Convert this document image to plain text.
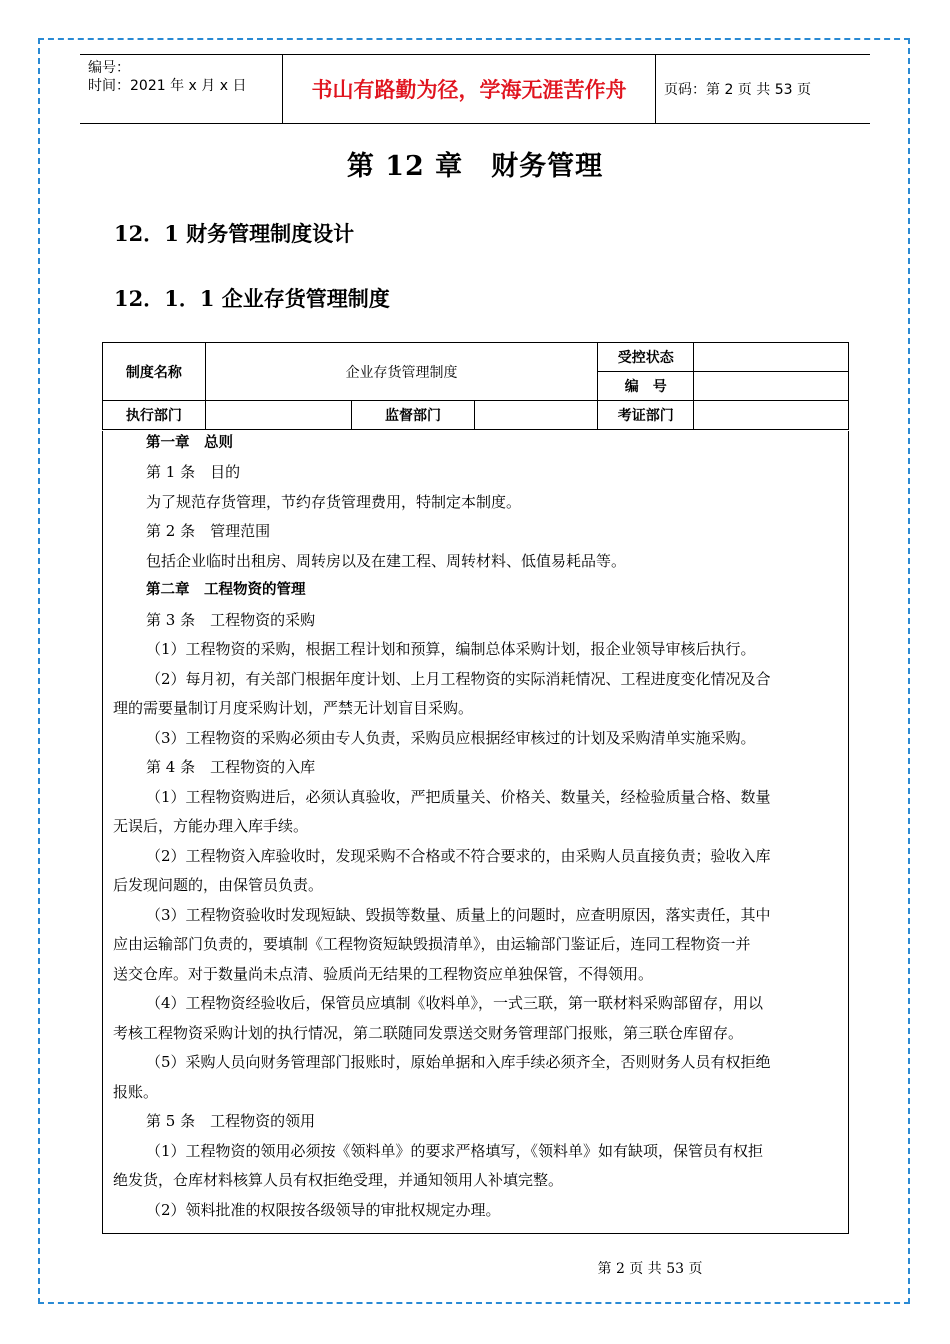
编号：
时间：2021 年 x 月 x 日	书山有路勤为径，学海无涯苦作舟	页码：第 2 页 共 53 页
第 12 章　财务管理
12．1 财务管理制度设计
12．1．1 企业存货管理制度
制度名称	企业存货管理制度			受控状态	
				编　号	
执行部门		监督部门		考证部门	
第一章　总则
第 1 条　目的
为了规范存货管理，节约存货管理费用，特制定本制度。
第 2 条　管理范围
包括企业临时出租房、周转房以及在建工程、周转材料、低值易耗品等。
第二章　工程物资的管理
第 3 条　工程物资的采购
（1）工程物资的采购，根据工程计划和预算，编制总体采购计划，报企业领导审核后执行。
（2）每月初，有关部门根据年度计划、上月工程物资的实际消耗情况、工程进度变化情况及合
理的需要量制订月度采购计划，严禁无计划盲目采购。
（3）工程物资的采购必须由专人负责，采购员应根据经审核过的计划及采购清单实施采购。
第 4 条　工程物资的入库
（1）工程物资购进后，必须认真验收，严把质量关、价格关、数量关，经检验质量合格、数量
无误后，方能办理入库手续。
（2）工程物资入库验收时，发现采购不合格或不符合要求的，由采购人员直接负责；验收入库
后发现问题的，由保管员负责。
（3）工程物资验收时发现短缺、毁损等数量、质量上的问题时，应查明原因，落实责任，其中
应由运输部门负责的，要填制《工程物资短缺毁损清单》，由运输部门鉴证后，连同工程物资一并
送交仓库。对于数量尚未点清、验质尚无结果的工程物资应单独保管，不得领用。
（4）工程物资经验收后，保管员应填制《收料单》，一式三联，第一联材料采购部留存，用以
考核工程物资采购计划的执行情况，第二联随同发票送交财务管理部门报账，第三联仓库留存。
（5）采购人员向财务管理部门报账时，原始单据和入库手续必须齐全，否则财务人员有权拒绝
报账。
第 5 条　工程物资的领用
（1）工程物资的领用必须按《领料单》的要求严格填写，《领料单》如有缺项，保管员有权拒
绝发货，仓库材料核算人员有权拒绝受理，并通知领用人补填完整。
（2）领料批准的权限按各级领导的审批权规定办理。
第 2 页 共 53 页
